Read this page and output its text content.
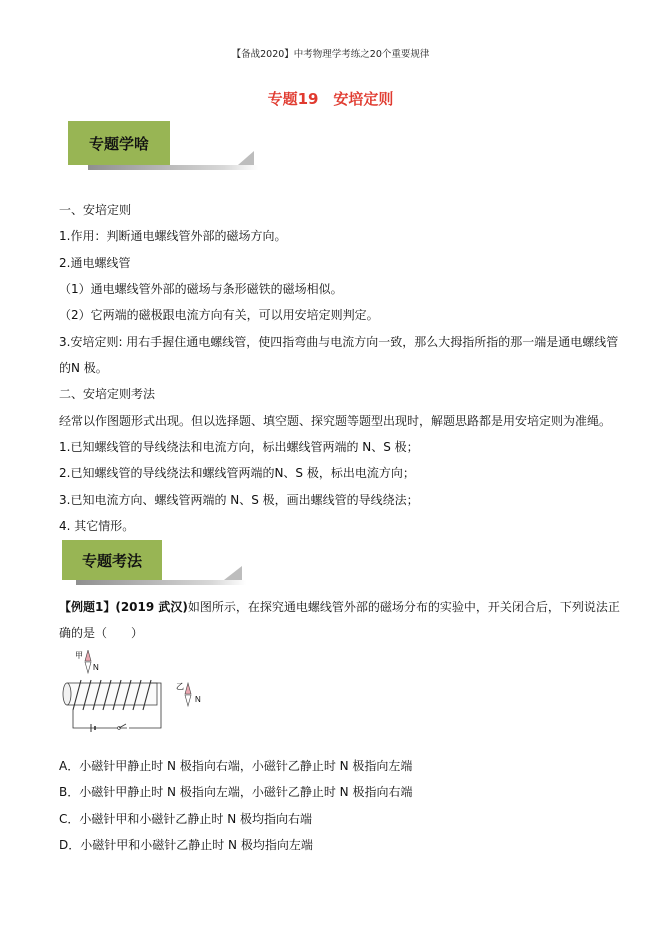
【备战2020】中考物理学考练之20个重要规律
专题19　安培定则
专题学啥
一、安培定则
1.作用：判断通电螺线管外部的磁场方向。
2.通电螺线管
（1）通电螺线管外部的磁场与条形磁铁的磁场相似。
（2）它两端的磁极跟电流方向有关，可以用安培定则判定。
3.安培定则: 用右手握住通电螺线管，使四指弯曲与电流方向一致，那么大拇指所指的那一端是通电螺线管
的N 极。
二、安培定则考法
经常以作图题形式出现。但以选择题、填空题、探究题等题型出现时，解题思路都是用安培定则为准绳。
1.已知螺线管的导线绕法和电流方向，标出螺线管两端的 N、S 极；
2.已知螺线管的导线绕法和螺线管两端的N、S 极，标出电流方向；
3.已知电流方向、螺线管两端的 N、S 极，画出螺线管的导线绕法；
4. 其它情形。
专题考法
【例题1】(2019 武汉)如图所示，在探究通电螺线管外部的磁场分布的实验中，开关闭合后，下列说法正
确的是（　　）
甲
N
乙
N
A．小磁针甲静止时 N 极指向右端，小磁针乙静止时 N 极指向左端
B．小磁针甲静止时 N 极指向左端，小磁针乙静止时 N 极指向右端
C．小磁针甲和小磁针乙静止时 N 极均指向右端
D．小磁针甲和小磁针乙静止时 N 极均指向左端
